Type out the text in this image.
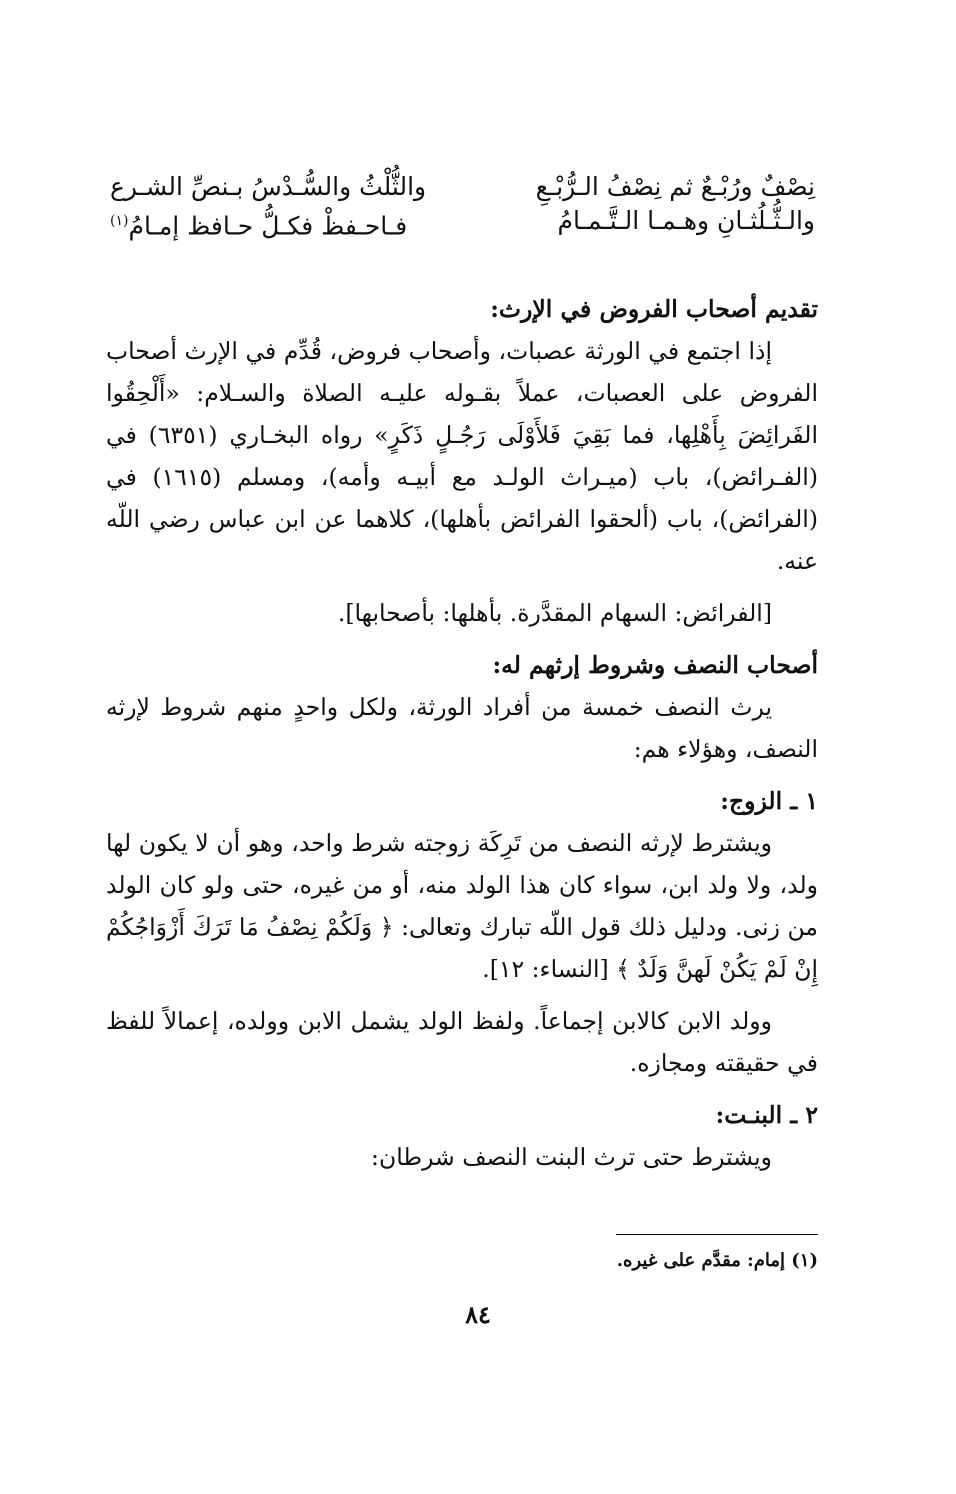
نِصْفٌ ورُبْـعٌ ثم نِصْفُ الـرُّبْـعِ
والثُّلْثُ والسُّـدْسُ بـنصِّ الشـرع
والـثُّـلُثـانِ وهـمـا الـتَّـمـامُ
فـاحـفظْ فكـلُّ حـافظ إمـامُ$^{(١)}$

تقديم أصحاب الفروض في الإرث:

إذا اجتمع في الورثة عصبات، وأصحاب فروض، قُدِّم في الإرث أصحاب الفروض على العصبات، عملاً بقـوله عليـه الصلاة والسـلام: «أَلْحِقُوا الفَرائِضَ بِأَهْلِها، فما بَقِيَ فَلأَوْلَى رَجُـلٍ ذَكَرٍ» رواه البخـاري (٦٣٥١) في (الفـرائض)، باب (ميـراث الولـد مع أبيـه وأمه)، ومسلم (١٦١٥) في (الفرائض)، باب (ألحقوا الفرائض بأهلها)، كلاهما عن ابن عباس رضي اللّه عنه.

[الفرائض: السهام المقدَّرة. بأهلها: بأصحابها].

أصحاب النصف وشروط إرثهم له:

يرث النصف خمسة من أفراد الورثة، ولكل واحدٍ منهم شروط لإرثه النصف، وهؤلاء هم:

١ ـ الزوج:

ويشترط لإرثه النصف من تَرِكَة زوجته شرط واحد، وهو أن لا يكون لها ولد، ولا ولد ابن، سواء كان هذا الولد منه، أو من غيره، حتى ولو كان الولد من زنى. ودليل ذلك قول اللّه تبارك وتعالى: ﴿ وَلَكُمْ نِصْفُ مَا تَرَكَ أَزْوَاجُكُمْ إِنْ لَمْ يَكُنْ لَهنَّ وَلَدٌ ﴾ [النساء: ١٢].

وولد الابن كالابن إجماعاً. ولفظ الولد يشمل الابن وولده، إعمالاً للفظ في حقيقته ومجازه.

٢ ـ البنـت:

ويشترط حتى ترث البنت النصف شرطان:

(١) إمام: مقدَّم على غيره.
٨٤
